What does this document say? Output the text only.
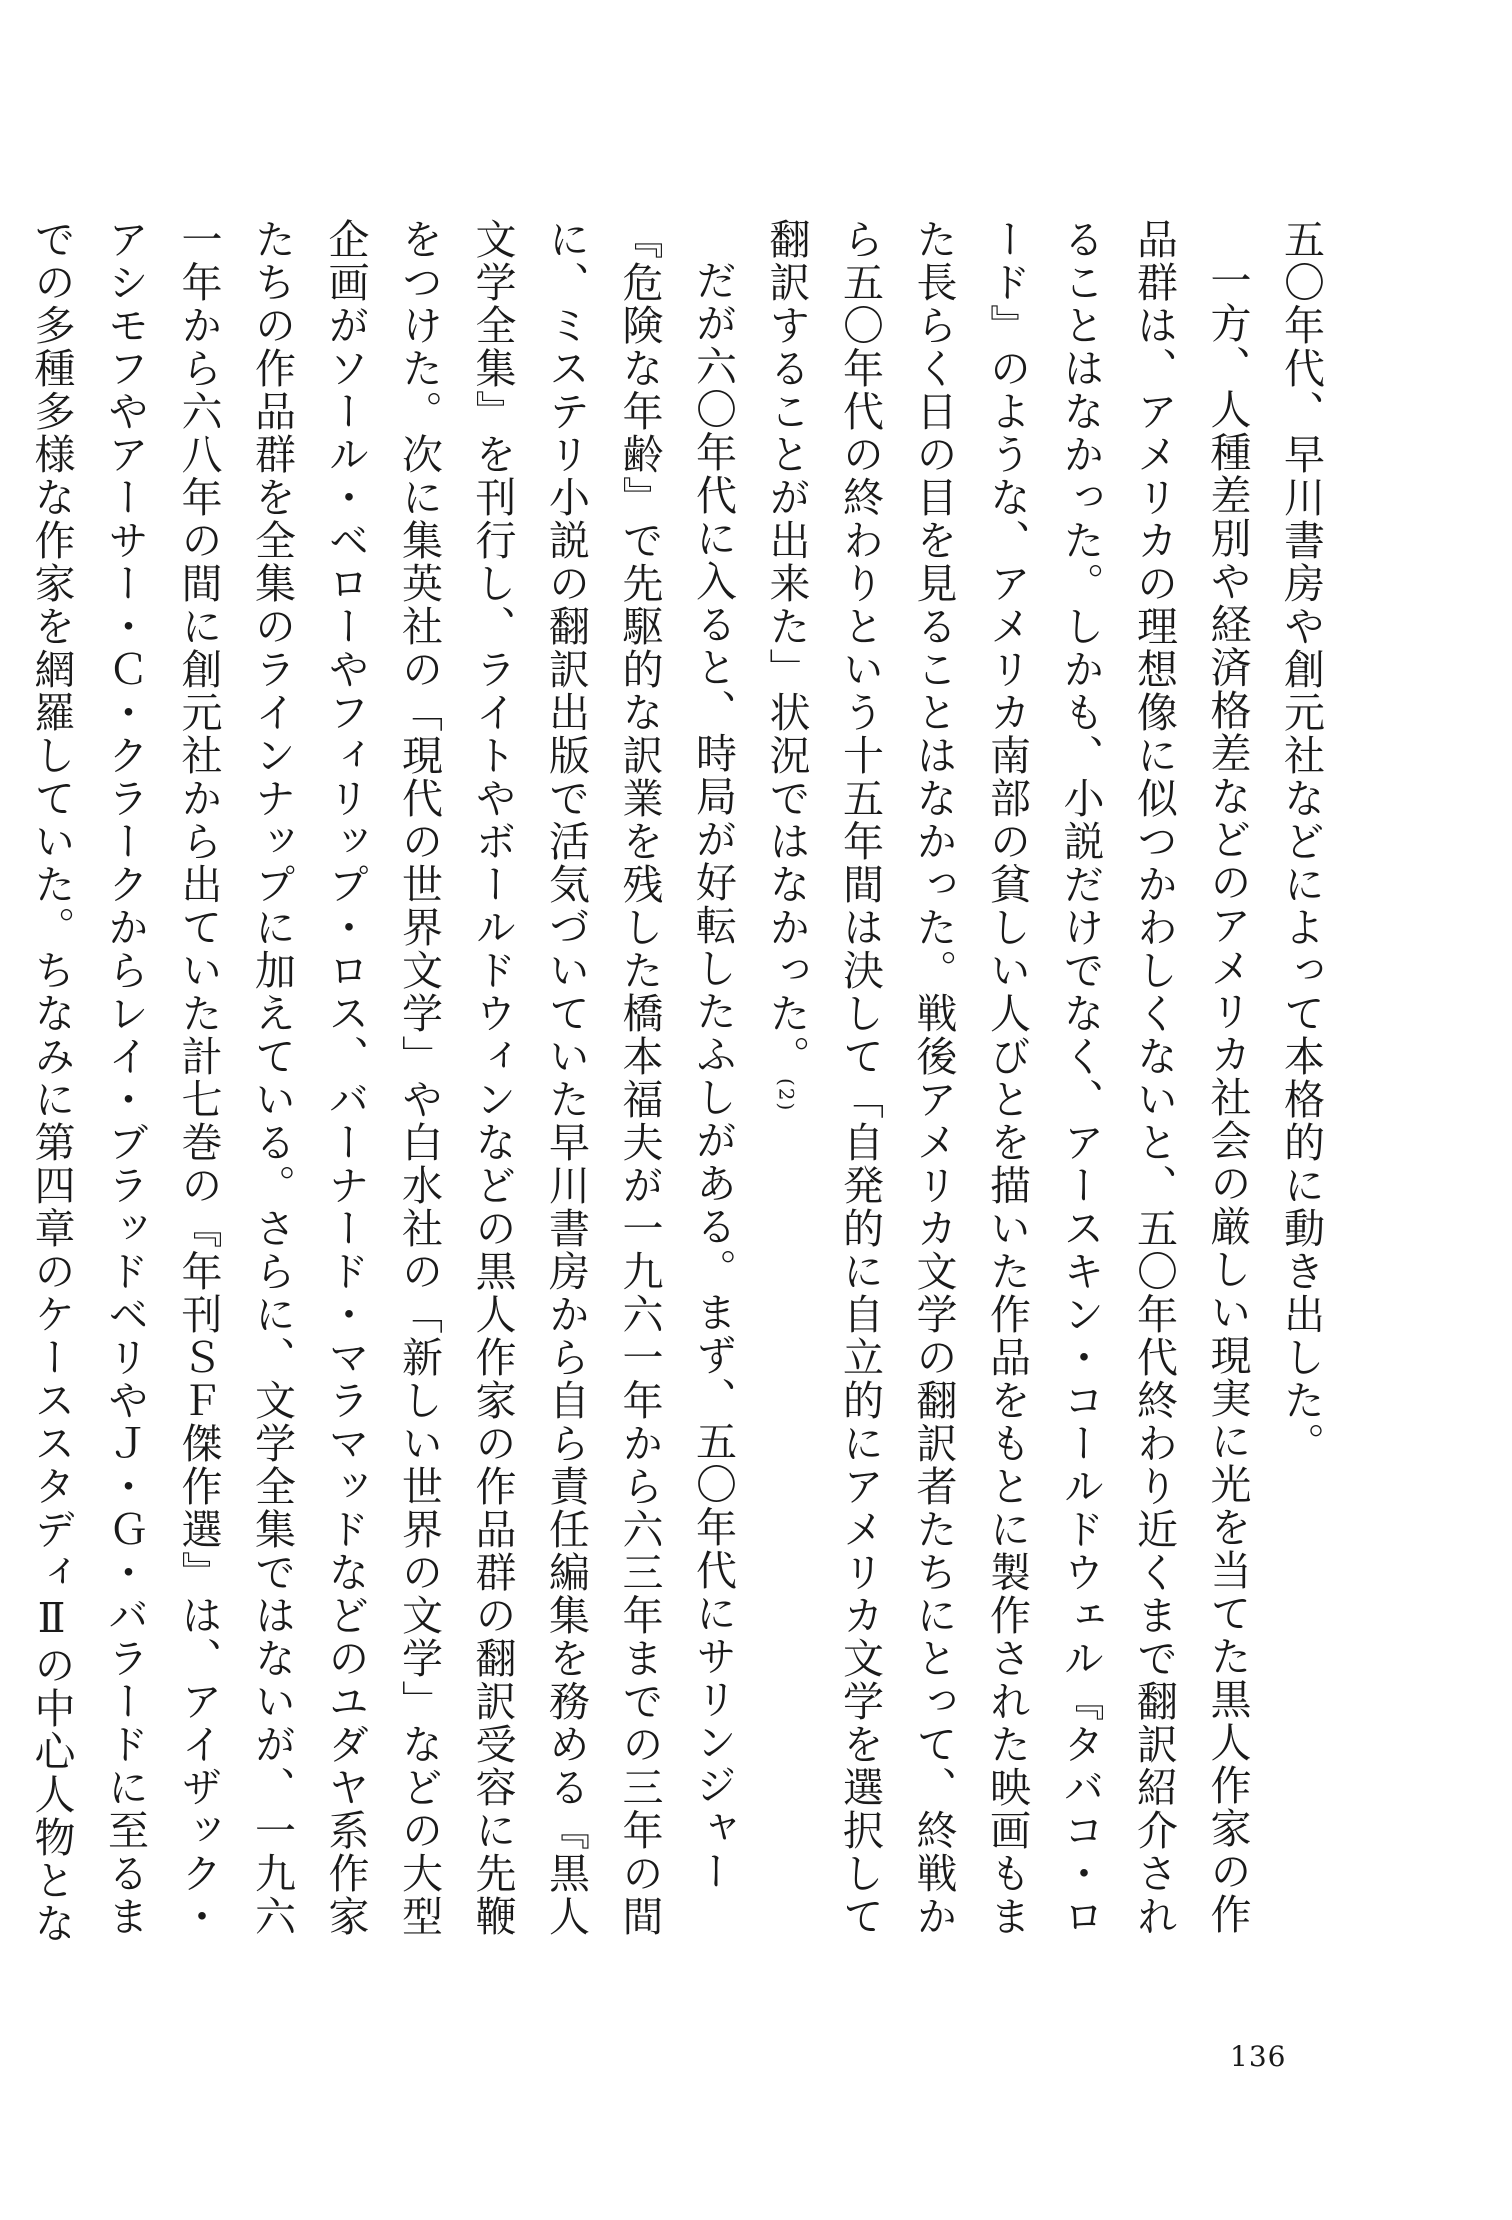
五〇年代、早川書房や創元社などによって本格的に動き出した。

一方、人種差別や経済格差などのアメリカ社会の厳しい現実に光を当てた黒人作家の作品群は、アメリカの理想像に似つかわしくないと、五〇年代終わり近くまで翻訳紹介されることはなかった。しかも、小説だけでなく、アースキン・コールドウェル『タバコ・ロード』のような、アメリカ南部の貧しい人びとを描いた作品をもとに製作された映画もまた長らく日の目を見ることはなかった。戦後アメリカ文学の翻訳者たちにとって、終戦から五〇年代の終わりという十五年間は決して「自発的に自立的にアメリカ文学を選択して翻訳することが出来た」状況ではなかった。$^{(2)}$

だが六〇年代に入ると、時局が好転したふしがある。まず、五〇年代にサリンジャー『危険な年齢』で先駆的な訳業を残した橋本福夫が一九六一年から六三年までの三年の間に、ミステリ小説の翻訳出版で活気づいていた早川書房から自ら責任編集を務める『黒人文学全集』を刊行し、ライトやボールドウィンなどの黒人作家の作品群の翻訳受容に先鞭をつけた。次に集英社の「現代の世界文学」や白水社の「新しい世界の文学」などの大型企画がソール・ベローやフィリップ・ロス、バーナード・マラマッドなどのユダヤ系作家たちの作品群を全集のラインナップに加えている。さらに、文学全集ではないが、一九六一年から六八年の間に創元社から出ていた計七巻の『年刊ＳＦ傑作選』は、アイザック・アシモフやアーサー・Ｃ・クラークからレイ・ブラッドベリやＪ・Ｇ・バラードに至るまでの多種多様な作家を網羅していた。ちなみに第四章のケーススタディⅡの中心人物とな

136
